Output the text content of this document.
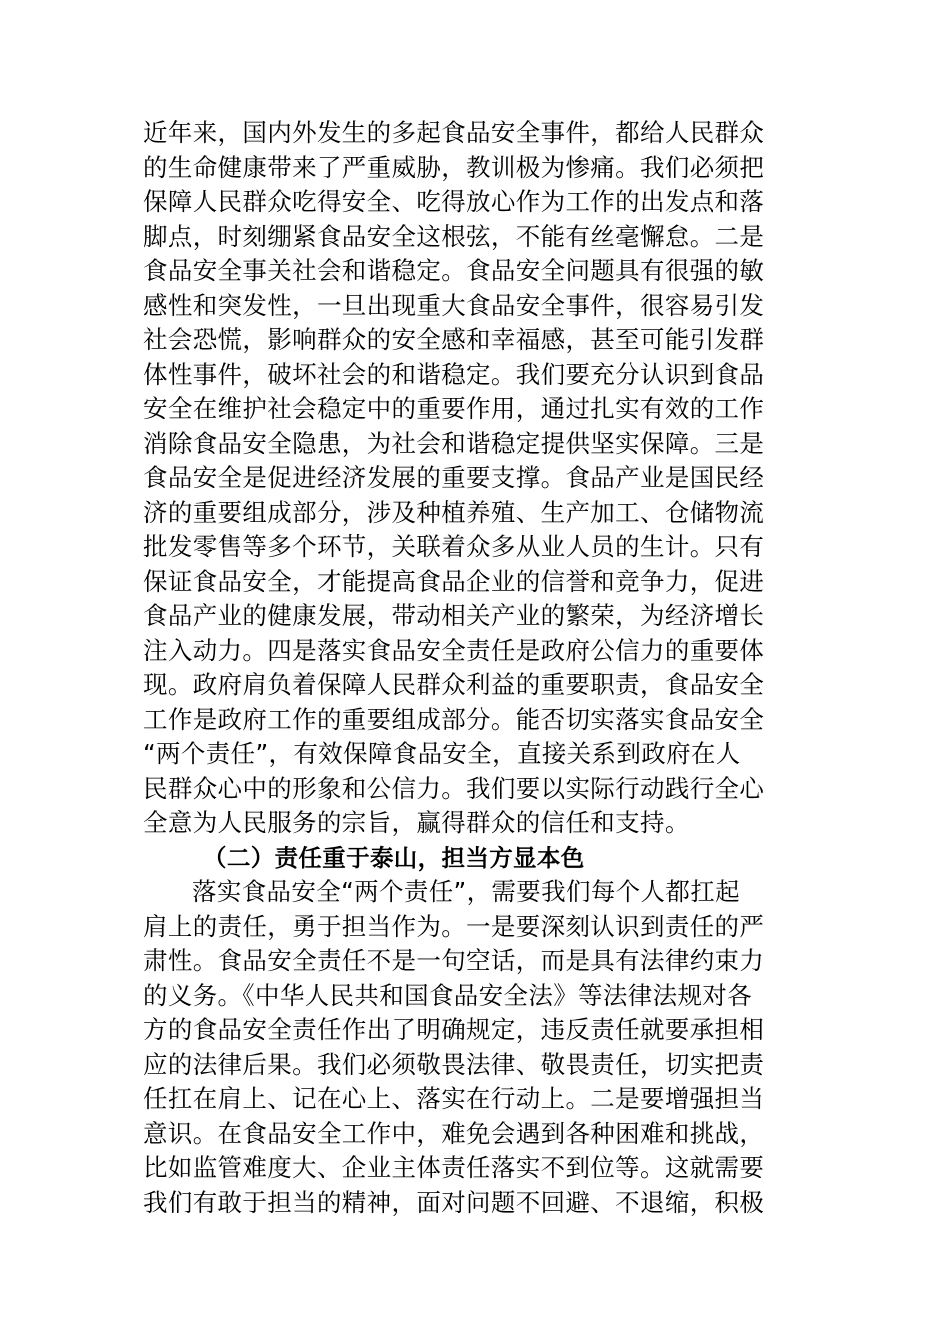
近年来，国内外发生的多起食品安全事件，都给人民群众
的生命健康带来了严重威胁，教训极为惨痛。我们必须把
保障人民群众吃得安全、吃得放心作为工作的出发点和落
脚点，时刻绷紧食品安全这根弦，不能有丝毫懈怠。二是
食品安全事关社会和谐稳定。食品安全问题具有很强的敏
感性和突发性，一旦出现重大食品安全事件，很容易引发
社会恐慌，影响群众的安全感和幸福感，甚至可能引发群
体性事件，破坏社会的和谐稳定。我们要充分认识到食品
安全在维护社会稳定中的重要作用，通过扎实有效的工作
消除食品安全隐患，为社会和谐稳定提供坚实保障。三是
食品安全是促进经济发展的重要支撑。食品产业是国民经
济的重要组成部分，涉及种植养殖、生产加工、仓储物流
批发零售等多个环节，关联着众多从业人员的生计。只有
保证食品安全，才能提高食品企业的信誉和竞争力，促进
食品产业的健康发展，带动相关产业的繁荣，为经济增长
注入动力。四是落实食品安全责任是政府公信力的重要体
现。政府肩负着保障人民群众利益的重要职责，食品安全
工作是政府工作的重要组成部分。能否切实落实食品安全
“两个责任”，有效保障食品安全，直接关系到政府在人
民群众心中的形象和公信力。我们要以实际行动践行全心
全意为人民服务的宗旨，赢得群众的信任和支持。
（二）责任重于泰山，担当方显本色
落实食品安全“两个责任”，需要我们每个人都扛起
肩上的责任，勇于担当作为。一是要深刻认识到责任的严
肃性。食品安全责任不是一句空话，而是具有法律约束力
的义务。《中华人民共和国食品安全法》等法律法规对各
方的食品安全责任作出了明确规定，违反责任就要承担相
应的法律后果。我们必须敬畏法律、敬畏责任，切实把责
任扛在肩上、记在心上、落实在行动上。二是要增强担当
意识。在食品安全工作中，难免会遇到各种困难和挑战，
比如监管难度大、企业主体责任落实不到位等。这就需要
我们有敢于担当的精神，面对问题不回避、不退缩，积极
